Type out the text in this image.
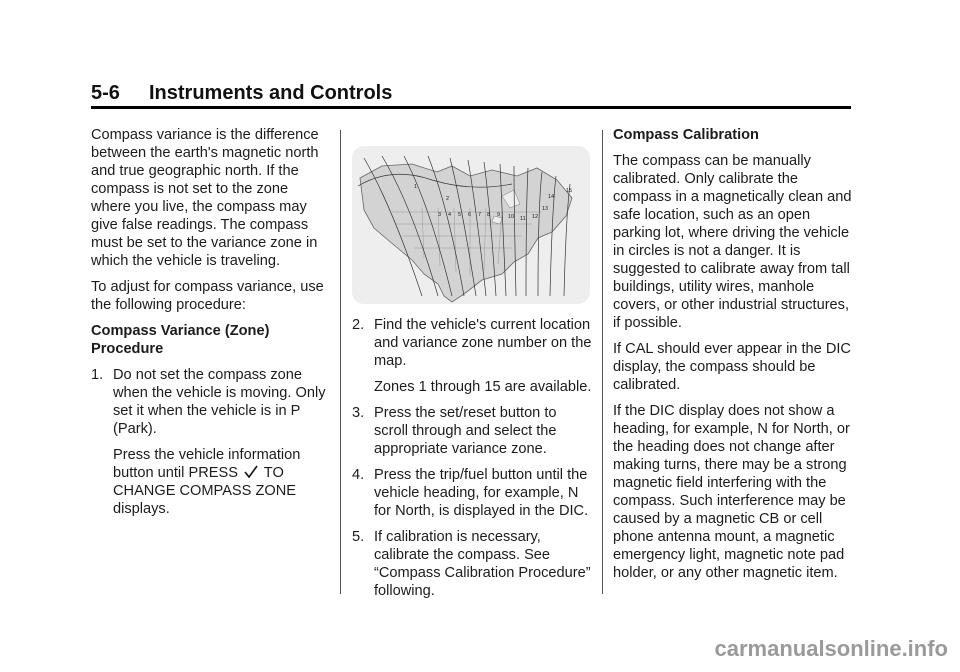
5-6 Instruments and Controls

Compass variance is the difference between the earth's magnetic north and true geographic north. If the compass is not set to the zone where you live, the compass may give false readings. The compass must be set to the variance zone in which the vehicle is traveling.

To adjust for compass variance, use the following procedure:

Compass Variance (Zone) Procedure

1. Do not set the compass zone when the vehicle is moving. Only set it when the vehicle is in P (Park).
Press the vehicle information button until PRESS TO CHANGE COMPASS ZONE displays.
1
2
3 4 5 6 7 8 9 10 11 12
13
14
15
2. Find the vehicle's current location and variance zone number on the map.
Zones 1 through 15 are available.
3. Press the set/reset button to scroll through and select the appropriate variance zone.
4. Press the trip/fuel button until the vehicle heading, for example, N for North, is displayed in the DIC.
5. If calibration is necessary, calibrate the compass. See “Compass Calibration Procedure” following.

Compass Calibration

The compass can be manually calibrated. Only calibrate the compass in a magnetically clean and safe location, such as an open parking lot, where driving the vehicle in circles is not a danger. It is suggested to calibrate away from tall buildings, utility wires, manhole covers, or other industrial structures, if possible.

If CAL should ever appear in the DIC display, the compass should be calibrated.

If the DIC display does not show a heading, for example, N for North, or the heading does not change after making turns, there may be a strong magnetic field interfering with the compass. Such interference may be caused by a magnetic CB or cell phone antenna mount, a magnetic emergency light, magnetic note pad holder, or any other magnetic item.

carmanualsonline.info
